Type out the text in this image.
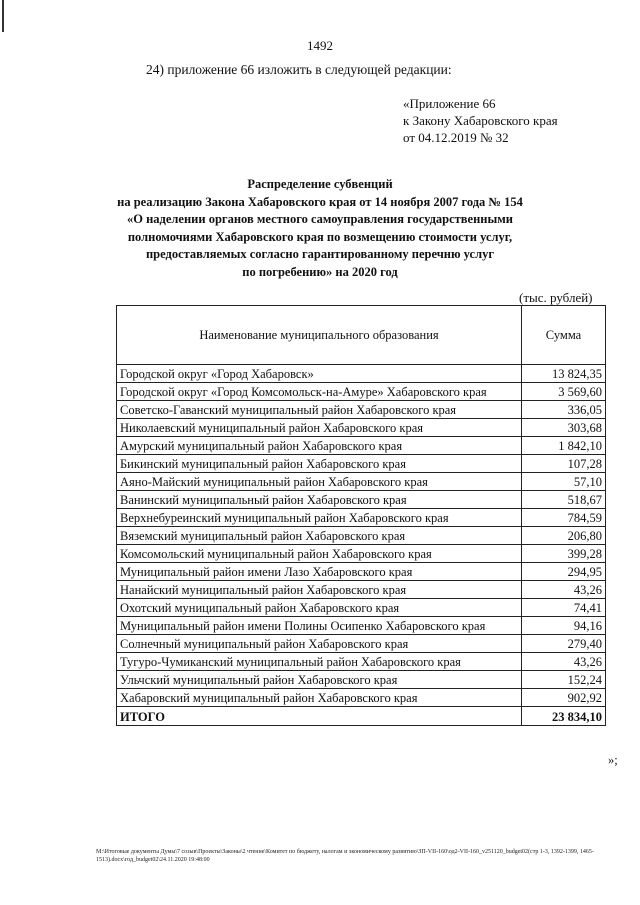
1492
24) приложение 66 изложить в следующей редакции:
«Приложение 66
к Закону Хабаровского края
от 04.12.2019 № 32
Распределение субвенций
на реализацию Закона Хабаровского края от 14 ноября 2007 года № 154
«О наделении органов местного самоуправления государственными
полномочиями Хабаровского края по возмещению стоимости услуг,
предоставляемых согласно гарантированному перечню услуг
по погребению» на 2020 год
(тыс. рублей)
Наименование муниципального образования	Сумма
Городской округ «Город Хабаровск»	13 824,35
Городской округ «Город Комсомольск-на-Амуре» Хабаровского края	3 569,60
Советско-Гаванский муниципальный район Хабаровского края	336,05
Николаевский муниципальный район Хабаровского края	303,68
Амурский муниципальный район Хабаровского края	1 842,10
Бикинский муниципальный район Хабаровского края	107,28
Аяно-Майский муниципальный район Хабаровского края	57,10
Ванинский муниципальный район Хабаровского края	518,67
Верхнебуреинский муниципальный район Хабаровского края	784,59
Вяземский муниципальный район Хабаровского края	206,80
Комсомольский муниципальный район Хабаровского края	399,28
Муниципальный район имени Лазо Хабаровского края	294,95
Нанайский муниципальный район Хабаровского края	43,26
Охотский муниципальный район Хабаровского края	74,41
Муниципальный район имени Полины Осипенко Хабаровского края	94,16
Солнечный муниципальный район Хабаровского края	279,40
Тугуро-Чумиканский муниципальный район Хабаровского края	43,26
Ульчский муниципальный район Хабаровского края	152,24
Хабаровский муниципальный район Хабаровского края	902,92
ИТОГО	23 834,10
»;
M:\Итоговые документы Думы\7 созыв\Проекты\Законы\2 чтение\Комитет по бюджету, налогам и экономическому развитию\ЗП-VII-160\од2-VII-160_v251120_budget02(стр 1-3, 1392-1399, 1465-1513).docx\год_budget02\24.11.2020 19:48:00
